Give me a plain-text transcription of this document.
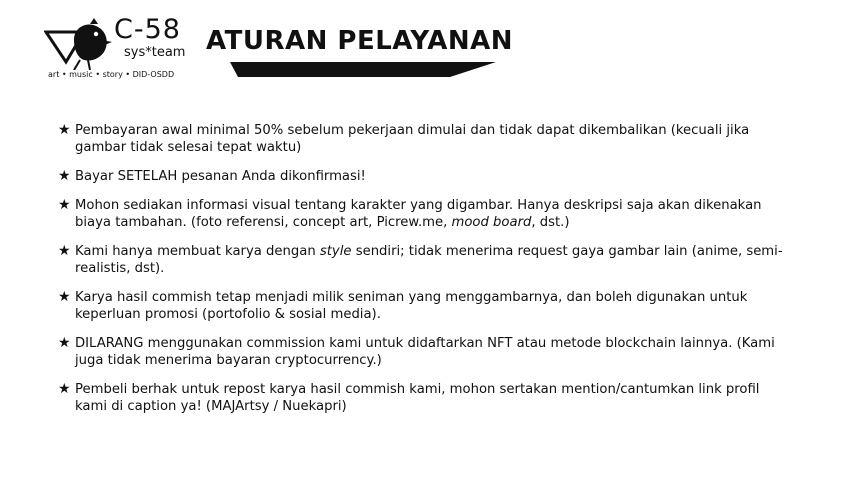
C-58
sys*team
art • music • story • DID-OSDD
ATURAN PELAYANAN
★ Pembayaran awal minimal 50% sebelum pekerjaan dimulai dan tidak dapat dikembalikan (kecuali jika gambar tidak selesai tepat waktu)
★ Bayar SETELAH pesanan Anda dikonfirmasi!
★ Mohon sediakan informasi visual tentang karakter yang digambar. Hanya deskripsi saja akan dikenakan biaya tambahan. (foto referensi, concept art, Picrew.me, mood board, dst.)
★ Kami hanya membuat karya dengan style sendiri; tidak menerima request gaya gambar lain (anime, semi-realistis, dst).
★ Karya hasil commish tetap menjadi milik seniman yang menggambarnya, dan boleh digunakan untuk keperluan promosi (portofolio & sosial media).
★ DILARANG menggunakan commission kami untuk didaftarkan NFT atau metode blockchain lainnya. (Kami juga tidak menerima bayaran cryptocurrency.)
★ Pembeli berhak untuk repost karya hasil commish kami, mohon sertakan mention/cantumkan link profil kami di caption ya! (MAJArtsy / Nuekapri)
